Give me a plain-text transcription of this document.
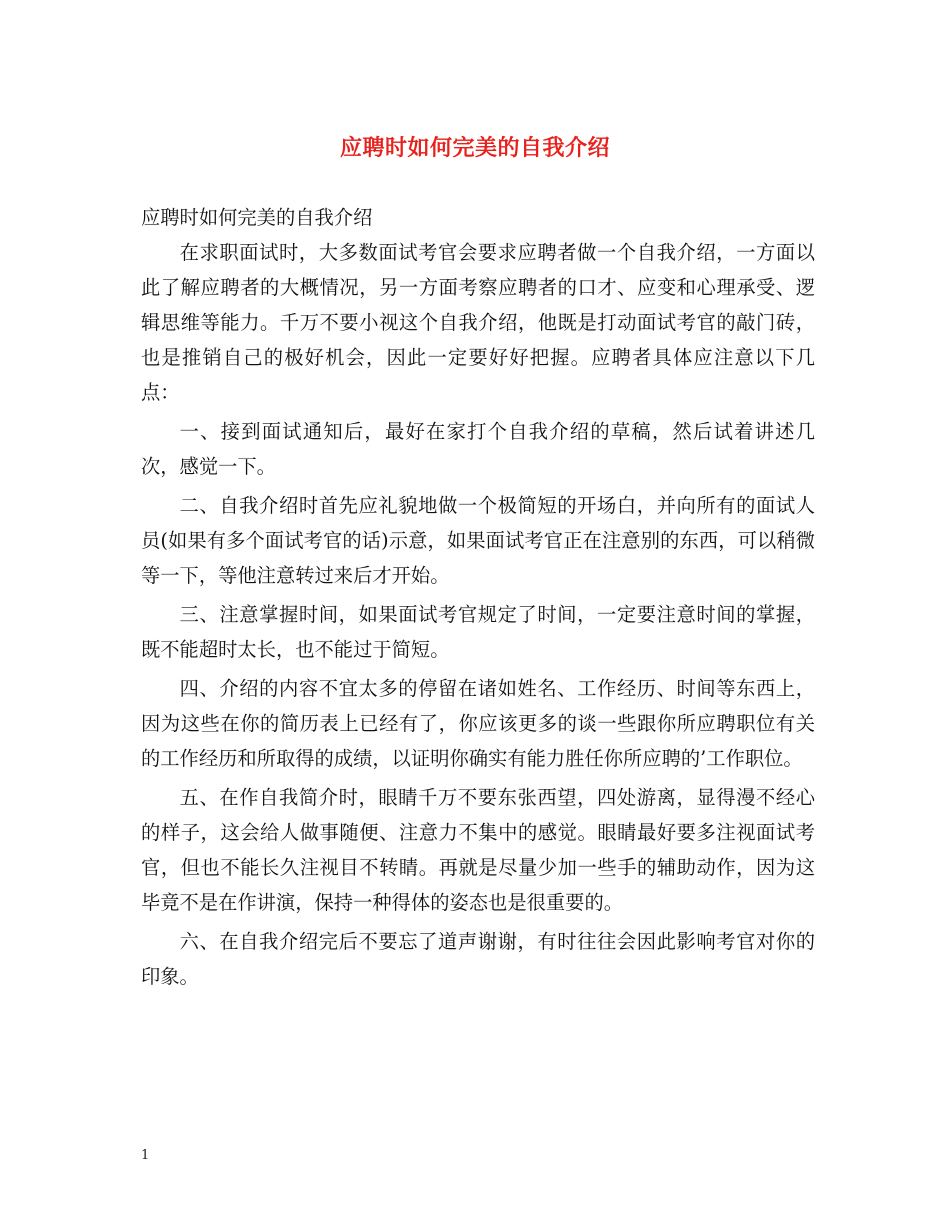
应聘时如何完美的自我介绍

应聘时如何完美的自我介绍

在求职面试时，大多数面试考官会要求应聘者做一个自我介绍，一方面以此了解应聘者的大概情况，另一方面考察应聘者的口才、应变和心理承受、逻辑思维等能力。千万不要小视这个自我介绍，他既是打动面试考官的敲门砖，也是推销自己的极好机会，因此一定要好好把握。应聘者具体应注意以下几点：

一、接到面试通知后，最好在家打个自我介绍的草稿，然后试着讲述几次，感觉一下。

二、自我介绍时首先应礼貌地做一个极简短的开场白，并向所有的面试人员(如果有多个面试考官的话)示意，如果面试考官正在注意别的东西，可以稍微等一下，等他注意转过来后才开始。

三、注意掌握时间，如果面试考官规定了时间，一定要注意时间的掌握，既不能超时太长，也不能过于简短。

四、介绍的内容不宜太多的停留在诸如姓名、工作经历、时间等东西上，因为这些在你的简历表上已经有了，你应该更多的谈一些跟你所应聘职位有关的工作经历和所取得的成绩，以证明你确实有能力胜任你所应聘的’工作职位。

五、在作自我简介时，眼睛千万不要东张西望，四处游离，显得漫不经心的样子，这会给人做事随便、注意力不集中的感觉。眼睛最好要多注视面试考官，但也不能长久注视目不转睛。再就是尽量少加一些手的辅助动作，因为这毕竟不是在作讲演，保持一种得体的姿态也是很重要的。

六、在自我介绍完后不要忘了道声谢谢，有时往往会因此影响考官对你的印象。

1
